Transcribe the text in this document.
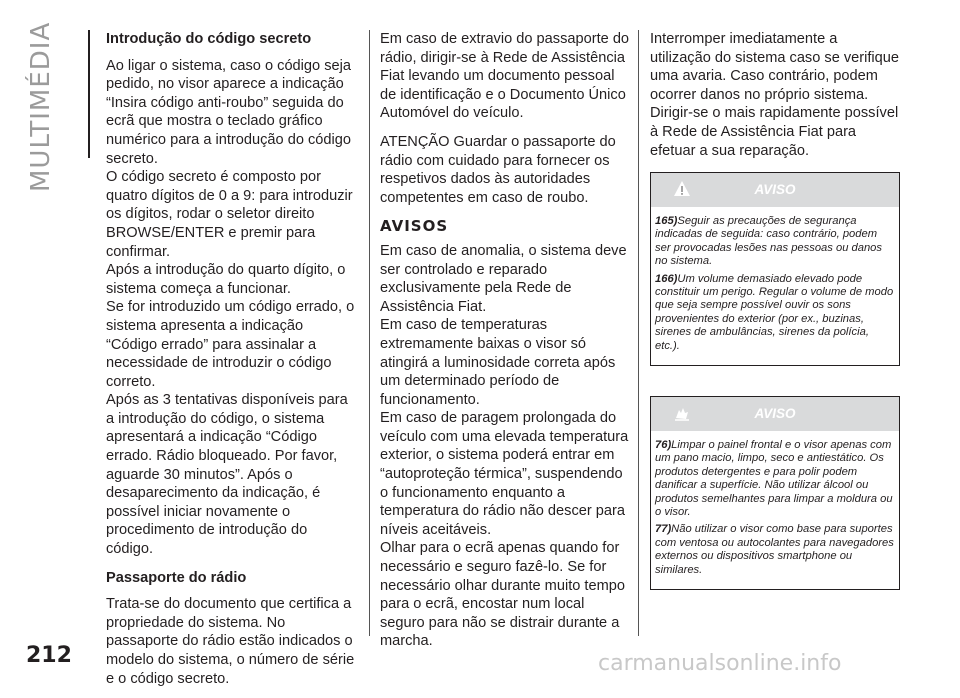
MULTIMÉDIA	Introdução do código secreto

Ao ligar o sistema, caso o código seja pedido, no visor aparece a indicação “Insira código anti-roubo” seguida do ecrã que mostra o teclado gráfico numérico para a introdução do código secreto.

O código secreto é composto por quatro dígitos de 0 a 9: para introduzir os dígitos, rodar o seletor direito BROWSE/ENTER e premir para confirmar.

Após a introdução do quarto dígito, o sistema começa a funcionar.

Se for introduzido um código errado, o sistema apresenta a indicação “Código errado” para assinalar a necessidade de introduzir o código correto.

Após as 3 tentativas disponíveis para a introdução do código, o sistema apresentará a indicação “Código errado. Rádio bloqueado. Por favor, aguarde 30 minutos”. Após o desaparecimento da indicação, é possível iniciar novamente o procedimento de introdução do código.

Passaporte do rádio

Trata-se do documento que certifica a propriedade do sistema. No passaporte do rádio estão indicados o modelo do sistema, o número de série e o código secreto.

Em caso de extravio do passaporte do rádio, dirigir-se à Rede de Assistência Fiat levando um documento pessoal de identificação e o Documento Único Automóvel do veículo.

ATENÇÃO Guardar o passaporte do rádio com cuidado para fornecer os respetivos dados às autoridades competentes em caso de roubo.

AVISOS

Em caso de anomalia, o sistema deve ser controlado e reparado exclusivamente pela Rede de Assistência Fiat.

Em caso de temperaturas extremamente baixas o visor só atingirá a luminosidade correta após um determinado período de funcionamento.

Em caso de paragem prolongada do veículo com uma elevada temperatura exterior, o sistema poderá entrar em “autoproteção térmica”, suspendendo o funcionamento enquanto a temperatura do rádio não descer para níveis aceitáveis.

Olhar para o ecrã apenas quando for necessário e seguro fazê-lo. Se for necessário olhar durante muito tempo para o ecrã, encostar num local seguro para não se distrair durante a marcha.

Interromper imediatamente a utilização do sistema caso se verifique uma avaria. Caso contrário, podem ocorrer danos no próprio sistema. Dirigir-se o mais rapidamente possível à Rede de Assistência Fiat para efetuar a sua reparação.

AVISO

165)Seguir as precauções de segurança indicadas de seguida: caso contrário, podem ser provocadas lesões nas pessoas ou danos no sistema.

166)Um volume demasiado elevado pode constituir um perigo. Regular o volume de modo que seja sempre possível ouvir os sons provenientes do exterior (por ex., buzinas, sirenes de ambulâncias, sirenes da polícia, etc.).

AVISO

76)Limpar o painel frontal e o visor apenas com um pano macio, limpo, seco e antiestático. Os produtos detergentes e para polir podem danificar a superfície. Não utilizar álcool ou produtos semelhantes para limpar a moldura ou o visor.

77)Não utilizar o visor como base para suportes com ventosa ou autocolantes para navegadores externos ou dispositivos smartphone ou similares.

212	carmanualsonline.info
